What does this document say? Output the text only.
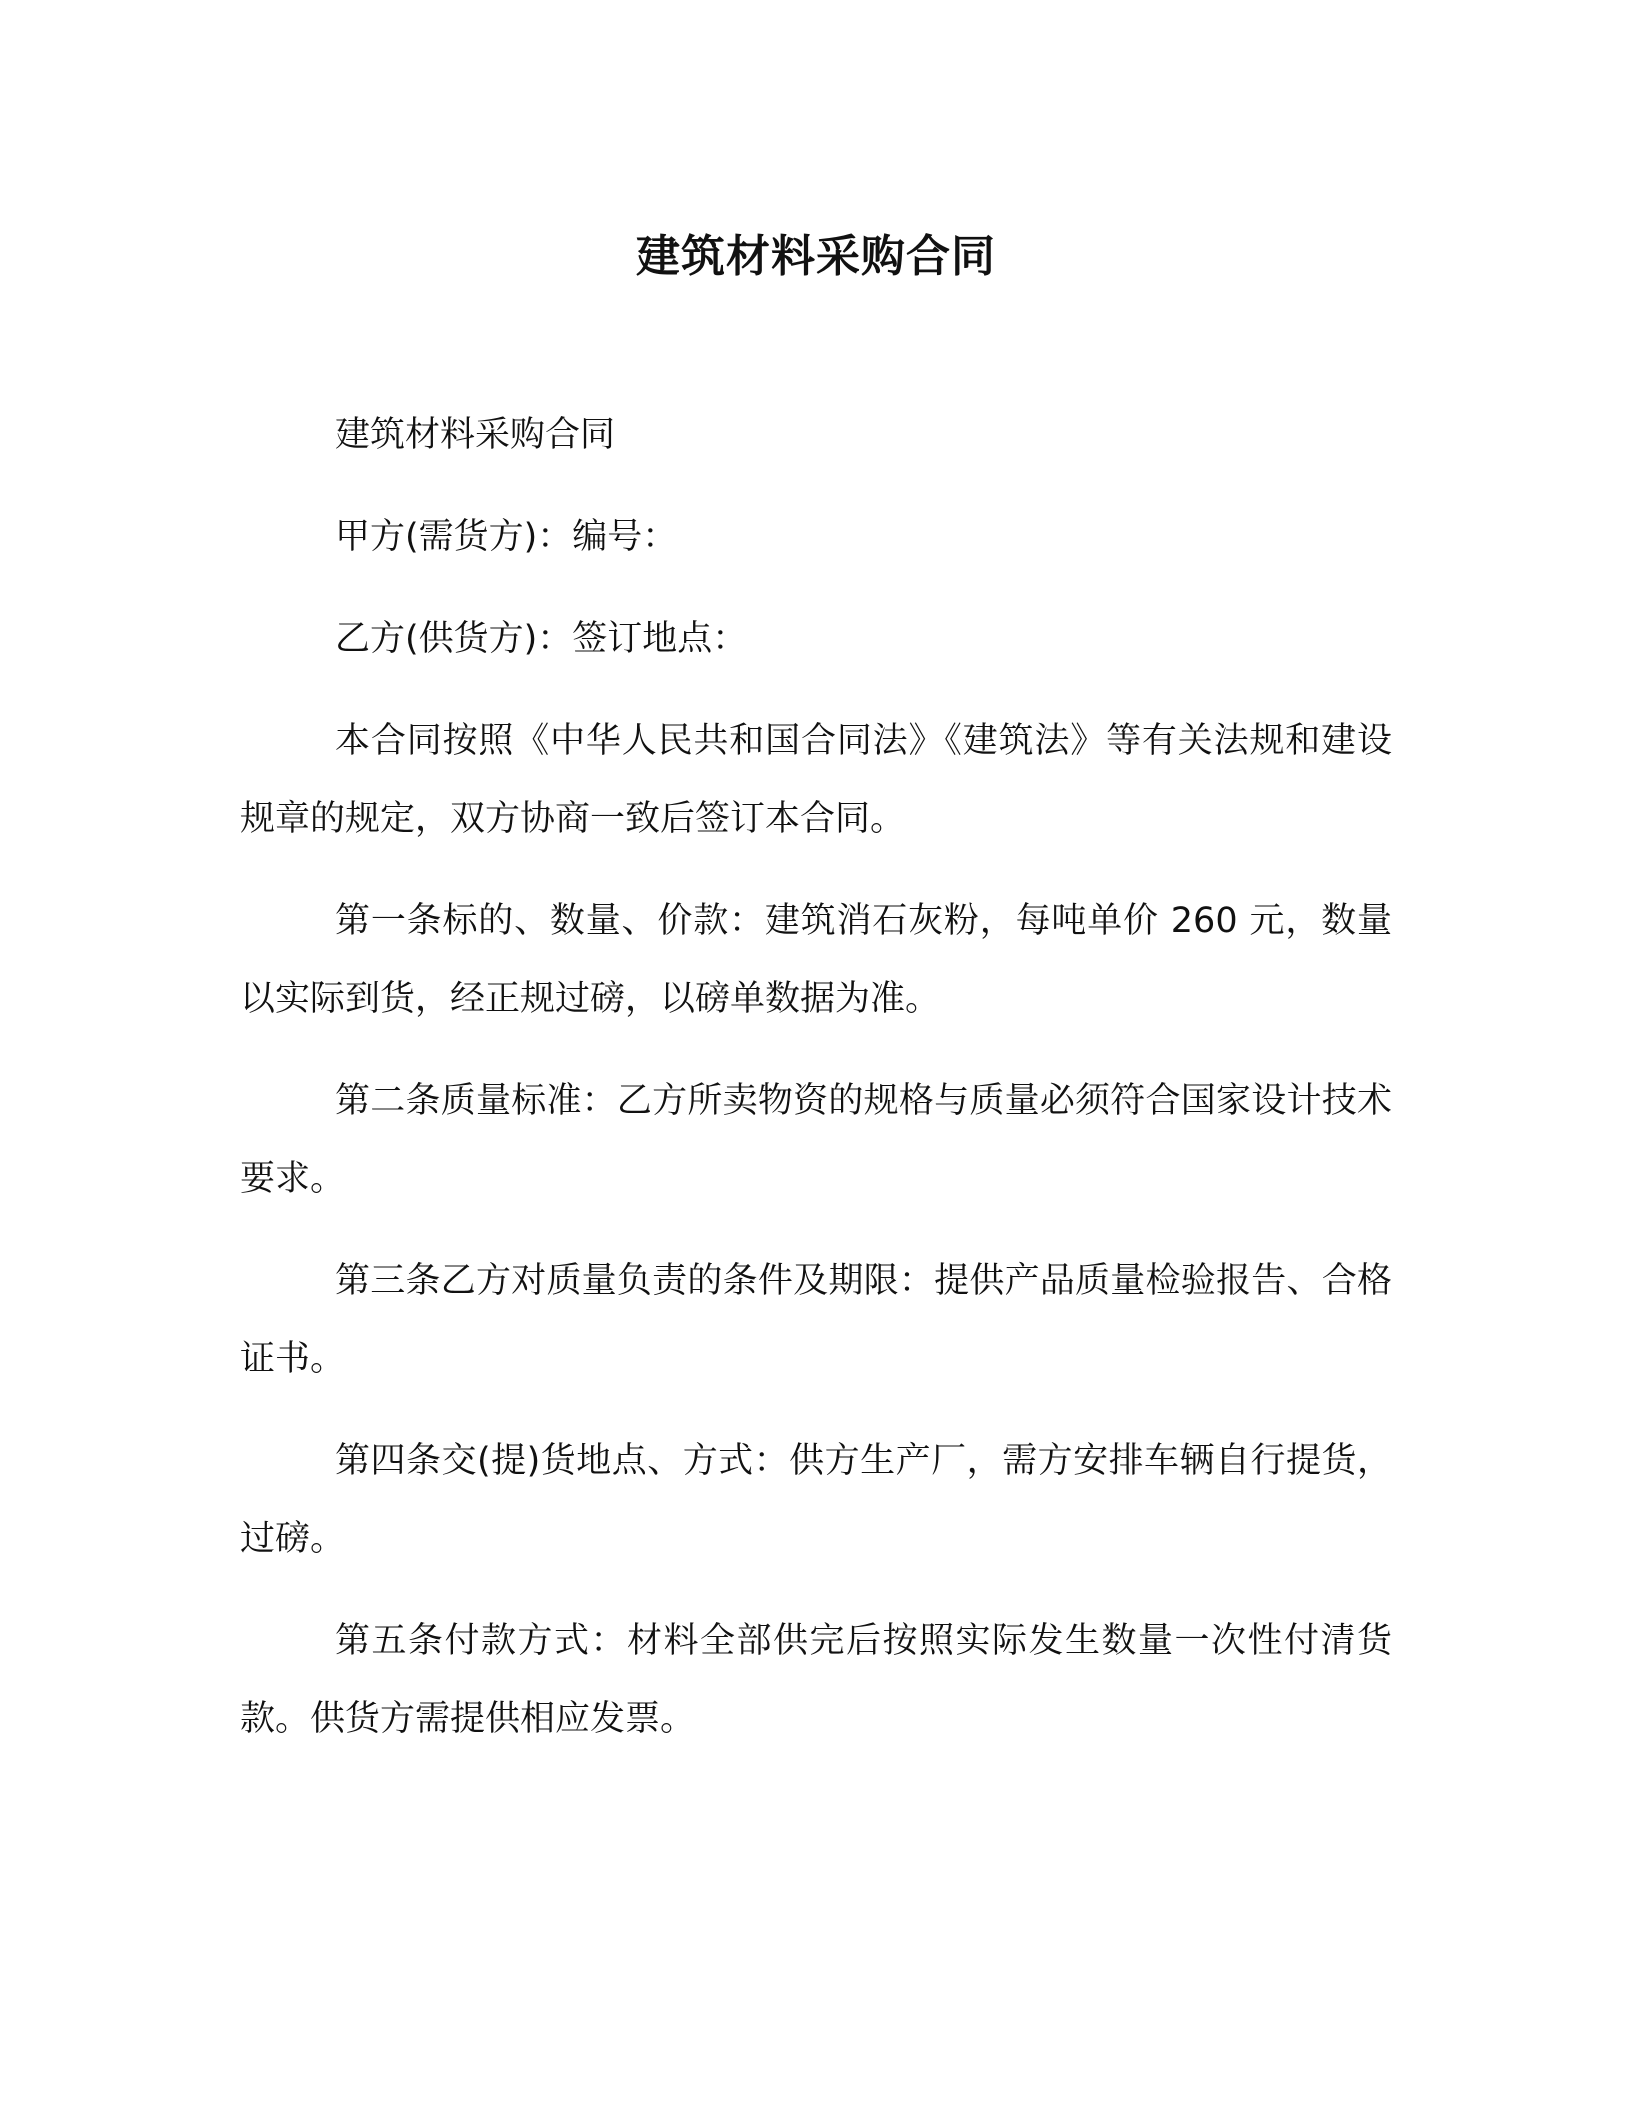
建筑材料采购合同

建筑材料采购合同

甲方(需货方)：编号：

乙方(供货方)：签订地点：

本合同按照《中华人民共和国合同法》《建筑法》等有关法规和建设规章的规定，双方协商一致后签订本合同。

第一条标的、数量、价款：建筑消石灰粉，每吨单价 260 元，数量以实际到货，经正规过磅，以磅单数据为准。

第二条质量标准：乙方所卖物资的规格与质量必须符合国家设计技术要求。

第三条乙方对质量负责的条件及期限：提供产品质量检验报告、合格证书。

第四条交(提)货地点、方式：供方生产厂，需方安排车辆自行提货，过磅。

第五条付款方式：材料全部供完后按照实际发生数量一次性付清货款。供货方需提供相应发票。
